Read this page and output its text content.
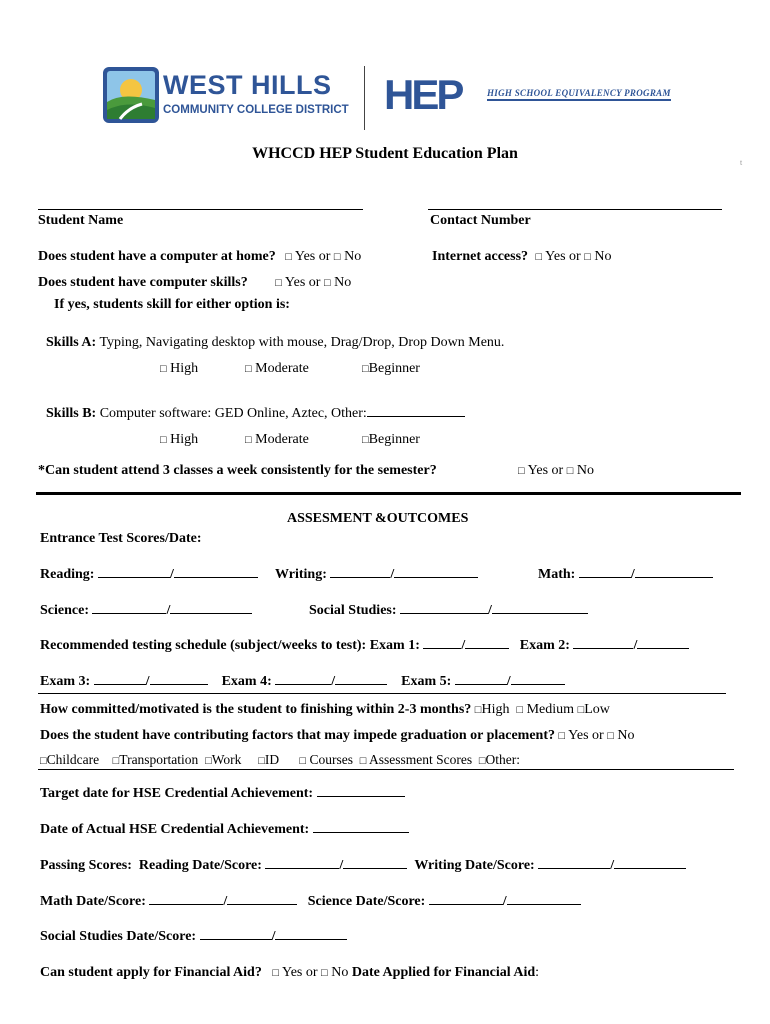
WEST HILLS
COMMUNITY COLLEGE DISTRICT HEP	HIGH SCHOOL EQUIVALENCY PROGRAM
t
WHCCD HEP Student Education Plan
Student Name	Contact Number
Does student have a computer at home? □ Yes or □ No	Internet access? □ Yes or □ No
Does student have computer skills?	□ Yes or □ No
If yes, students skill for either option is:
Skills A: Typing, Navigating desktop with mouse, Drag/Drop, Drop Down Menu.
□ High	□ Moderate	□Beginner
Skills B: Computer software: GED Online, Aztec, Other:
□ High	□ Moderate	□Beginner
*Can student attend 3 classes a week consistently for the semester?	□ Yes or □ No
ASSESMENT &OUTCOMES
Entrance Test Scores/Date:
Reading:	/	Writing:	/	Math:	/
Science:	/	Social Studies:	/
Recommended testing schedule (subject/weeks to test): Exam 1:	/	Exam 2:	/
Exam 3:	/	Exam 4:	/	Exam 5:	/
How committed/motivated is the student to finishing within 2-3 months? □High □ Medium □Low
Does the student have contributing factors that may impede graduation or placement? □ Yes or □ No
□Childcare □Transportation □Work □ID □ Courses □ Assessment Scores □Other:
Target date for HSE Credential Achievement:
Date of Actual HSE Credential Achievement:
Passing Scores: Reading Date/Score:	/	Writing Date/Score:	/
Math Date/Score:	/	Science Date/Score:	/
Social Studies Date/Score:	/
Can student apply for Financial Aid? □ Yes or □ No Date Applied for Financial Aid:
